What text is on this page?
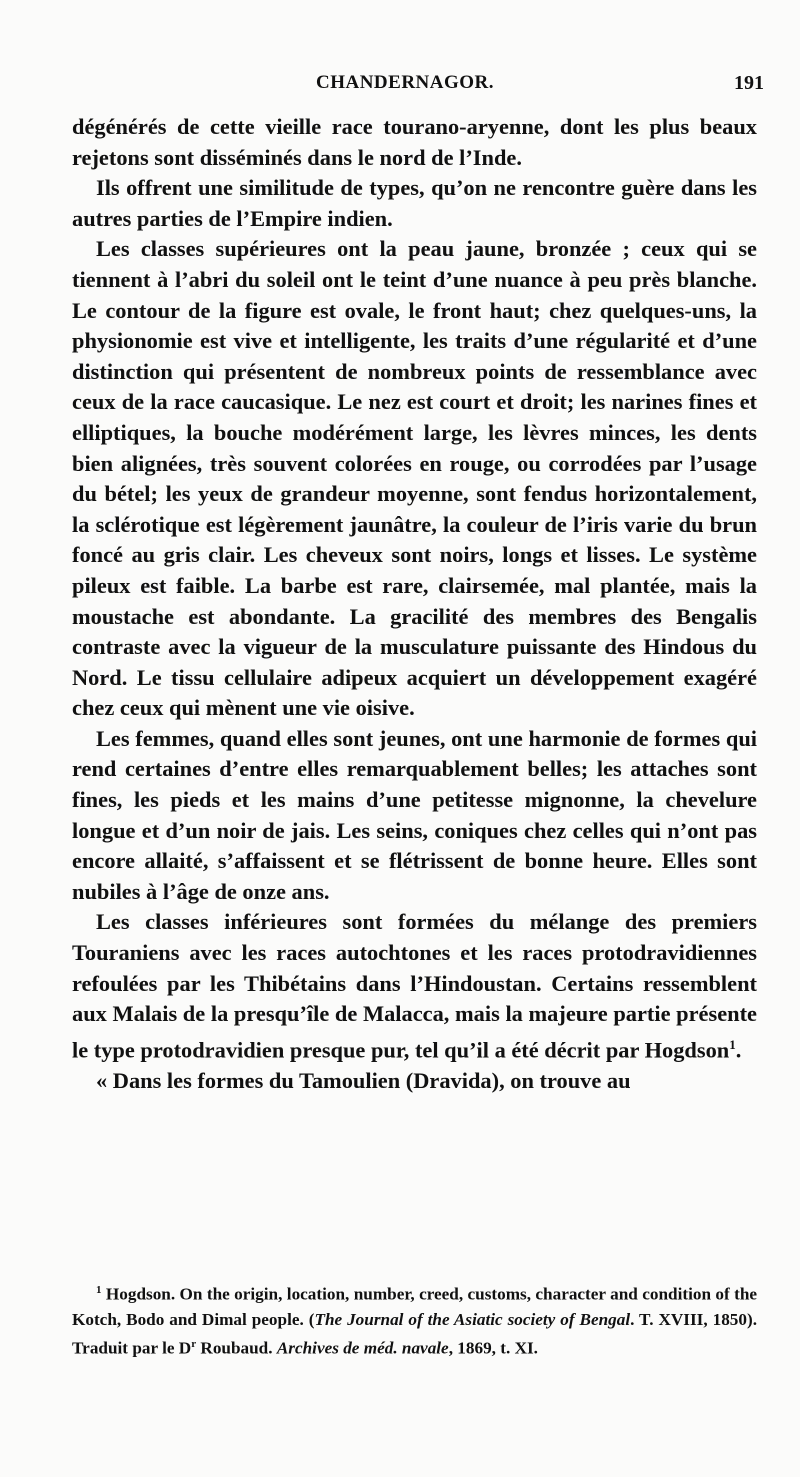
CHANDERNAGOR.	191

dégénérés de cette vieille race tourano-aryenne, dont les plus beaux rejetons sont disséminés dans le nord de l’Inde.

Ils offrent une similitude de types, qu’on ne rencontre guère dans les autres parties de l’Empire indien.

Les classes supérieures ont la peau jaune, bronzée ; ceux qui se tiennent à l’abri du soleil ont le teint d’une nuance à peu près blanche. Le contour de la figure est ovale, le front haut; chez quelques-uns, la physionomie est vive et intelligente, les traits d’une régularité et d’une distinction qui présentent de nombreux points de ressemblance avec ceux de la race caucasique. Le nez est court et droit; les narines fines et elliptiques, la bouche modérément large, les lèvres minces, les dents bien alignées, très souvent colorées en rouge, ou corrodées par l’usage du bétel; les yeux de grandeur moyenne, sont fendus horizontalement, la sclérotique est légèrement jaunâtre, la couleur de l’iris varie du brun foncé au gris clair. Les cheveux sont noirs, longs et lisses. Le système pileux est faible. La barbe est rare, clairsemée, mal plantée, mais la moustache est abondante. La gracilité des membres des Bengalis contraste avec la vigueur de la musculature puissante des Hindous du Nord. Le tissu cellulaire adipeux acquiert un développement exagéré chez ceux qui mènent une vie oisive.

Les femmes, quand elles sont jeunes, ont une harmonie de formes qui rend certaines d’entre elles remarquablement belles; les attaches sont fines, les pieds et les mains d’une petitesse mignonne, la chevelure longue et d’un noir de jais. Les seins, coniques chez celles qui n’ont pas encore allaité, s’affaissent et se flétrissent de bonne heure. Elles sont nubiles à l’âge de onze ans.

Les classes inférieures sont formées du mélange des premiers Touraniens avec les races autochtones et les races protodravidiennes refoulées par les Thibétains dans l’Hindoustan. Certains ressemblent aux Malais de la presqu’île de Malacca, mais la majeure partie présente le type protodravidien presque pur, tel qu’il a été décrit par Hogdson$^1$.

« Dans les formes du Tamoulien (Dravida), on trouve au

$^1$ Hogdson. On the origin, location, number, creed, customs, character and condition of the Kotch, Bodo and Dimal people. (The Journal of the Asiatic society of Bengal. T. XVIII, 1850). Traduit par le $D^r$ Roubaud. Archives de méd. navale, 1869, t. XI.
